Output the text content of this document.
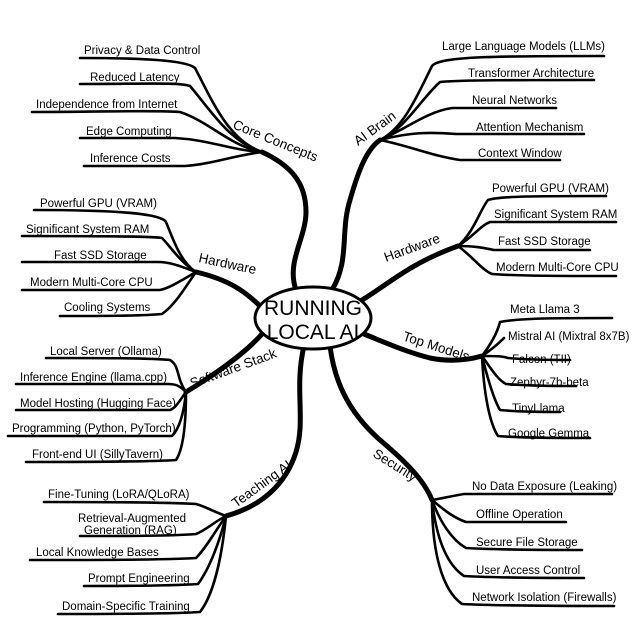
Privacy & Data Control
Reduced Latency
Independence from Internet
Edge Computing
Inference Costs	Core Concepts
Large Language Models (LLMs)
Transformer Architecture
Neural Networks
Attention Mechanism
Context Window
AI Brain
Powerful GPU (VRAM)
Significant System RAM
Fast SSD Storage
Modern Multi-Core CPU
Cooling Systems
Hardware
Powerful GPU (VRAM)
Significant System RAM
Fast SSD Storage
Modern Multi-Core CPU
Hardware
Local Server (Ollama)
Inference Engine (llama.cpp)
Model Hosting (Hugging Face)
Programming (Python, PyTorch)
Front-end UI (SillyTavern)
Software Stack
Meta Llama 3
Mistral AI (Mixtral 8x7B)
Falcon (TII)
Zephyr-7b-beta
TinyLlama
Google Gemma
Top Models
Fine-Tuning (LoRA/QLoRA)
Retrieval-Augmented
Generation (RAG)
Local Knowledge Bases
Prompt Engineering
Domain-Specific Training
Teaching AI	No Data Exposure (Leaking)
Offline Operation
Secure File Storage
User Access Control
Network Isolation (Firewalls)
Security
RUNNING
LOCAL AI
